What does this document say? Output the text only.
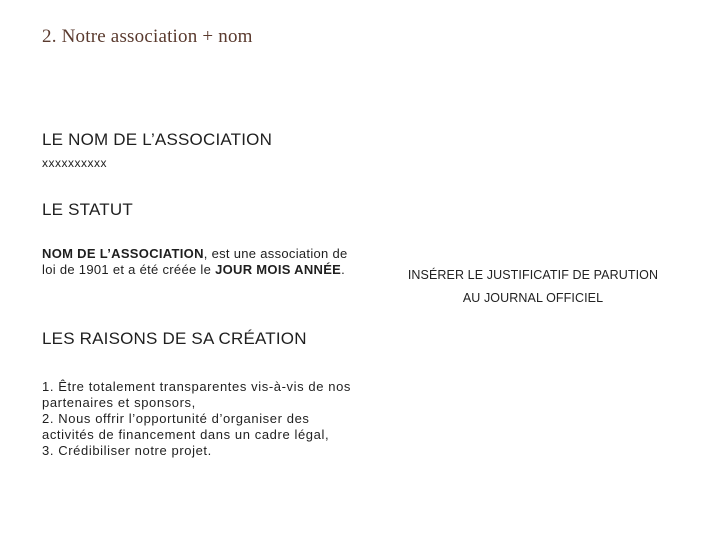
2. Notre association + nom
LE NOM DE L’ASSOCIATION
xxxxxxxxxx
LE STATUT
NOM DE L’ASSOCIATION, est une association de loi de 1901 et a été créée le JOUR MOIS ANNÉE.
LES RAISONS DE SA CRÉATION
1. Être totalement transparentes vis-à-vis de nos partenaires et sponsors,
2. Nous offrir l’opportunité d’organiser des activités de financement dans un cadre légal,
3. Crédibiliser notre projet.
INSÉRER LE JUSTIFICATIF DE PARUTION
AU JOURNAL OFFICIEL
